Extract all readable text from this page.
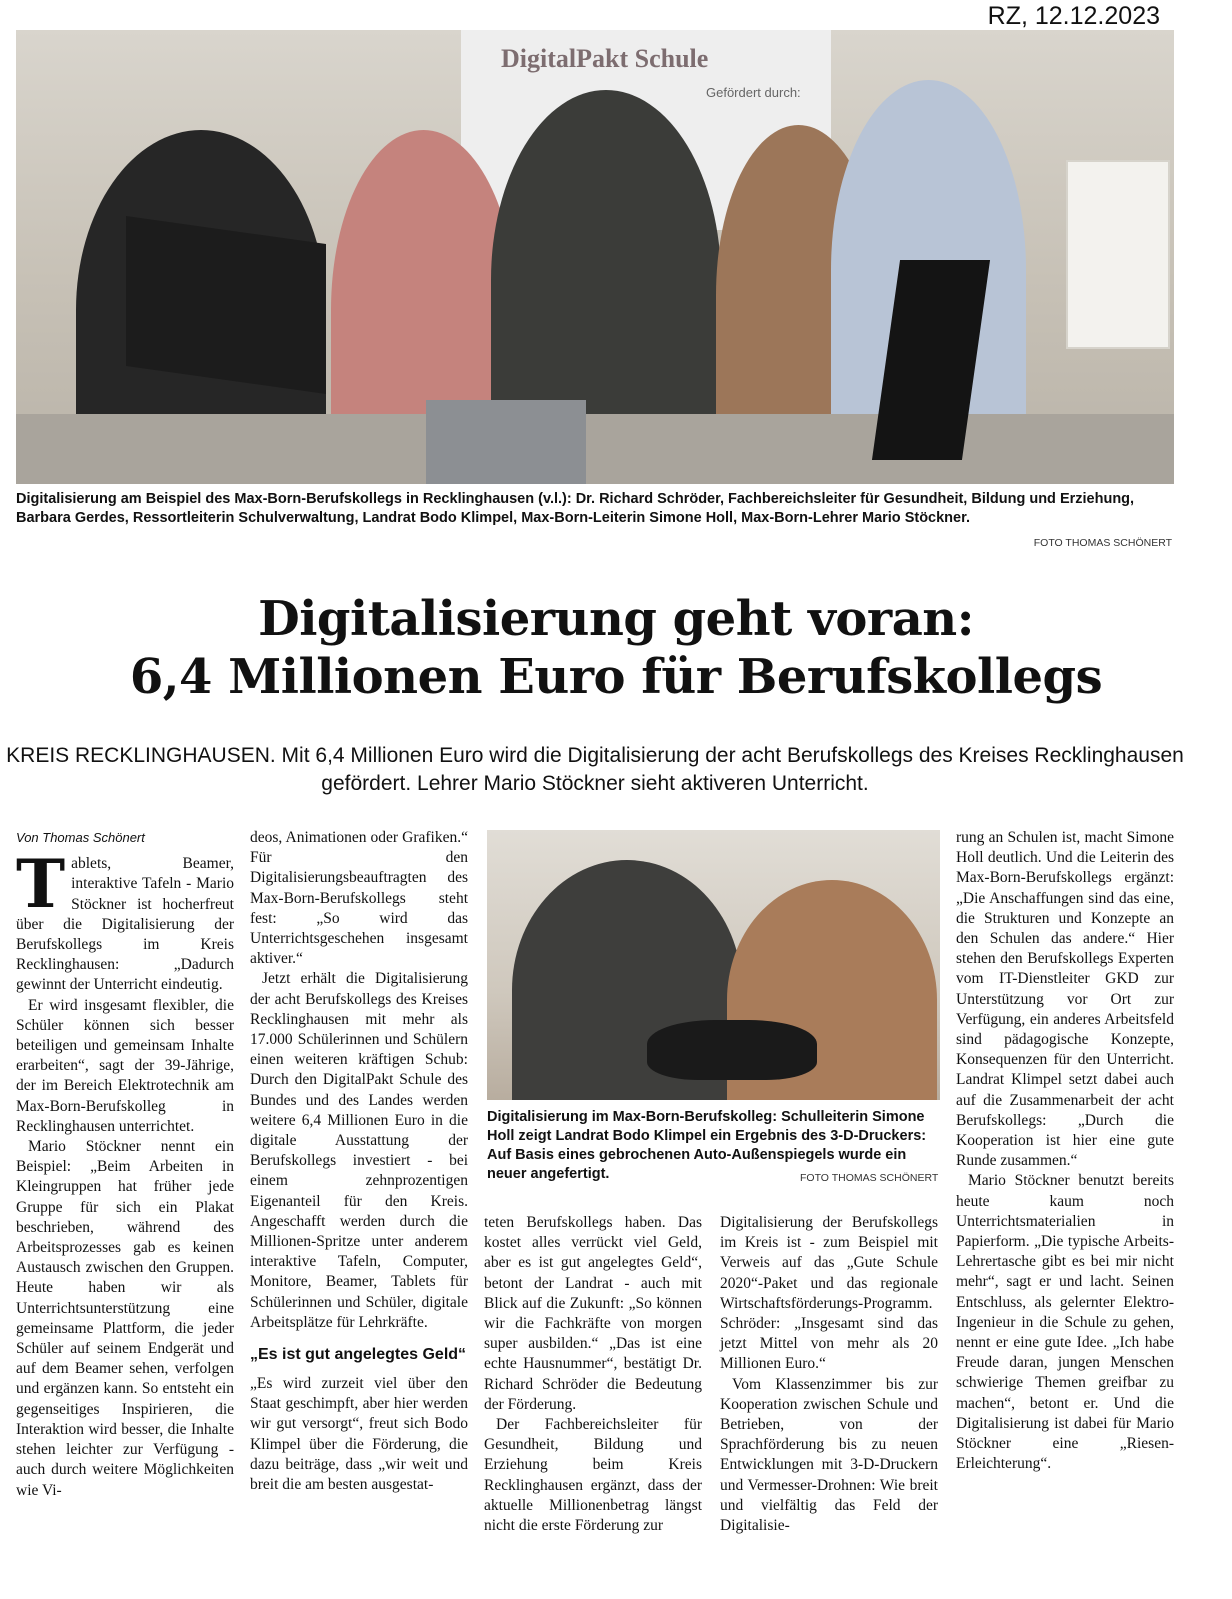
RZ, 12.12.2023
DigitalPakt Schule
Gefördert durch:
Digitalisierung am Beispiel des Max-Born-Berufskollegs in Recklinghausen (v.l.): Dr. Richard Schröder, Fachbereichsleiter für Gesundheit, Bildung und Erziehung, Barbara Gerdes, Ressortleiterin Schulverwaltung, Landrat Bodo Klimpel, Max-Born-Leiterin Simone Holl, Max-Born-Lehrer Mario Stöckner.
FOTO THOMAS SCHÖNERT
Digitalisierung geht voran:
6,4 Millionen Euro für Berufskollegs
KREIS RECKLINGHAUSEN. Mit 6,4 Millionen Euro wird die Digitalisierung der acht Berufskollegs des Kreises Recklinghausen gefördert. Lehrer Mario Stöckner sieht aktiveren Unterricht.
Von Thomas Schönert

Tablets, Beamer, interaktive Tafeln - Mario Stöckner ist hocherfreut über die Digitalisierung der Berufskollegs im Kreis Recklinghausen: „Dadurch gewinnt der Unterricht eindeutig.

Er wird insgesamt flexibler, die Schüler können sich besser beteiligen und gemeinsam Inhalte erarbeiten“, sagt der 39-Jährige, der im Bereich Elektrotechnik am Max-Born-Berufskolleg in Recklinghausen unterrichtet.

Mario Stöckner nennt ein Beispiel: „Beim Arbeiten in Kleingruppen hat früher jede Gruppe für sich ein Plakat beschrieben, während des Arbeitsprozesses gab es keinen Austausch zwischen den Gruppen. Heute haben wir als Unterrichtsunterstützung eine gemeinsame Plattform, die jeder Schüler auf seinem Endgerät und auf dem Beamer sehen, verfolgen und ergänzen kann. So entsteht ein gegenseitiges Inspirieren, die Interaktion wird besser, die Inhalte stehen leichter zur Verfügung - auch durch weitere Möglichkeiten wie Vi-

deos, Animationen oder Grafiken.“ Für den Digitalisierungsbeauftragten des Max-Born-Berufskollegs steht fest: „So wird das Unterrichtsgeschehen insgesamt aktiver.“

Jetzt erhält die Digitalisierung der acht Berufskollegs des Kreises Recklinghausen mit mehr als 17.000 Schülerinnen und Schülern einen weiteren kräftigen Schub: Durch den DigitalPakt Schule des Bundes und des Landes werden weitere 6,4 Millionen Euro in die digitale Ausstattung der Berufskollegs investiert - bei einem zehnprozentigen Eigenanteil für den Kreis. Angeschafft werden durch die Millionen-Spritze unter anderem interaktive Tafeln, Computer, Monitore, Beamer, Tablets für Schülerinnen und Schüler, digitale Arbeitsplätze für Lehrkräfte.

„Es ist gut angelegtes Geld“

„Es wird zurzeit viel über den Staat geschimpft, aber hier werden wir gut versorgt“, freut sich Bodo Klimpel über die Förderung, die dazu beiträge, dass „wir weit und breit die am besten ausgestat-

Digitalisierung im Max-Born-Berufskolleg: Schulleiterin Simone Holl zeigt Landrat Bodo Klimpel ein Ergebnis des 3-D-Druckers: Auf Basis eines gebrochenen Auto-Außenspiegels wurde ein neuer angefertigt.	FOTO THOMAS SCHÖNERT

teten Berufskollegs haben. Das kostet alles verrückt viel Geld, aber es ist gut angelegtes Geld“, betont der Landrat - auch mit Blick auf die Zukunft: „So können wir die Fachkräfte von morgen super ausbilden.“ „Das ist eine echte Hausnummer“, bestätigt Dr. Richard Schröder die Bedeutung der Förderung.

Der Fachbereichsleiter für Gesundheit, Bildung und Erziehung beim Kreis Recklinghausen ergänzt, dass der aktuelle Millionenbetrag längst nicht die erste Förderung zur

Digitalisierung der Berufskollegs im Kreis ist - zum Beispiel mit Verweis auf das „Gute Schule 2020“-Paket und das regionale Wirtschaftsförderungs-Programm. Schröder: „Insgesamt sind das jetzt Mittel von mehr als 20 Millionen Euro.“

Vom Klassenzimmer bis zur Kooperation zwischen Schule und Betrieben, von der Sprachförderung bis zu neuen Entwicklungen mit 3-D-Druckern und Vermesser-Drohnen: Wie breit und vielfältig das Feld der Digitalisie-

rung an Schulen ist, macht Simone Holl deutlich. Und die Leiterin des Max-Born-Berufskollegs ergänzt: „Die Anschaffungen sind das eine, die Strukturen und Konzepte an den Schulen das andere.“ Hier stehen den Berufskollegs Experten vom IT-Dienstleiter GKD zur Unterstützung vor Ort zur Verfügung, ein anderes Arbeitsfeld sind pädagogische Konzepte, Konsequenzen für den Unterricht. Landrat Klimpel setzt dabei auch auf die Zusammenarbeit der acht Berufskollegs: „Durch die Kooperation ist hier eine gute Runde zusammen.“

Mario Stöckner benutzt bereits heute kaum noch Unterrichtsmaterialien in Papierform. „Die typische Arbeits-Lehrertasche gibt es bei mir nicht mehr“, sagt er und lacht. Seinen Entschluss, als gelernter Elektro-Ingenieur in die Schule zu gehen, nennt er eine gute Idee. „Ich habe Freude daran, jungen Menschen schwierige Themen greifbar zu machen“, betont er. Und die Digitalisierung ist dabei für Mario Stöckner eine „Riesen-Erleichterung“.
